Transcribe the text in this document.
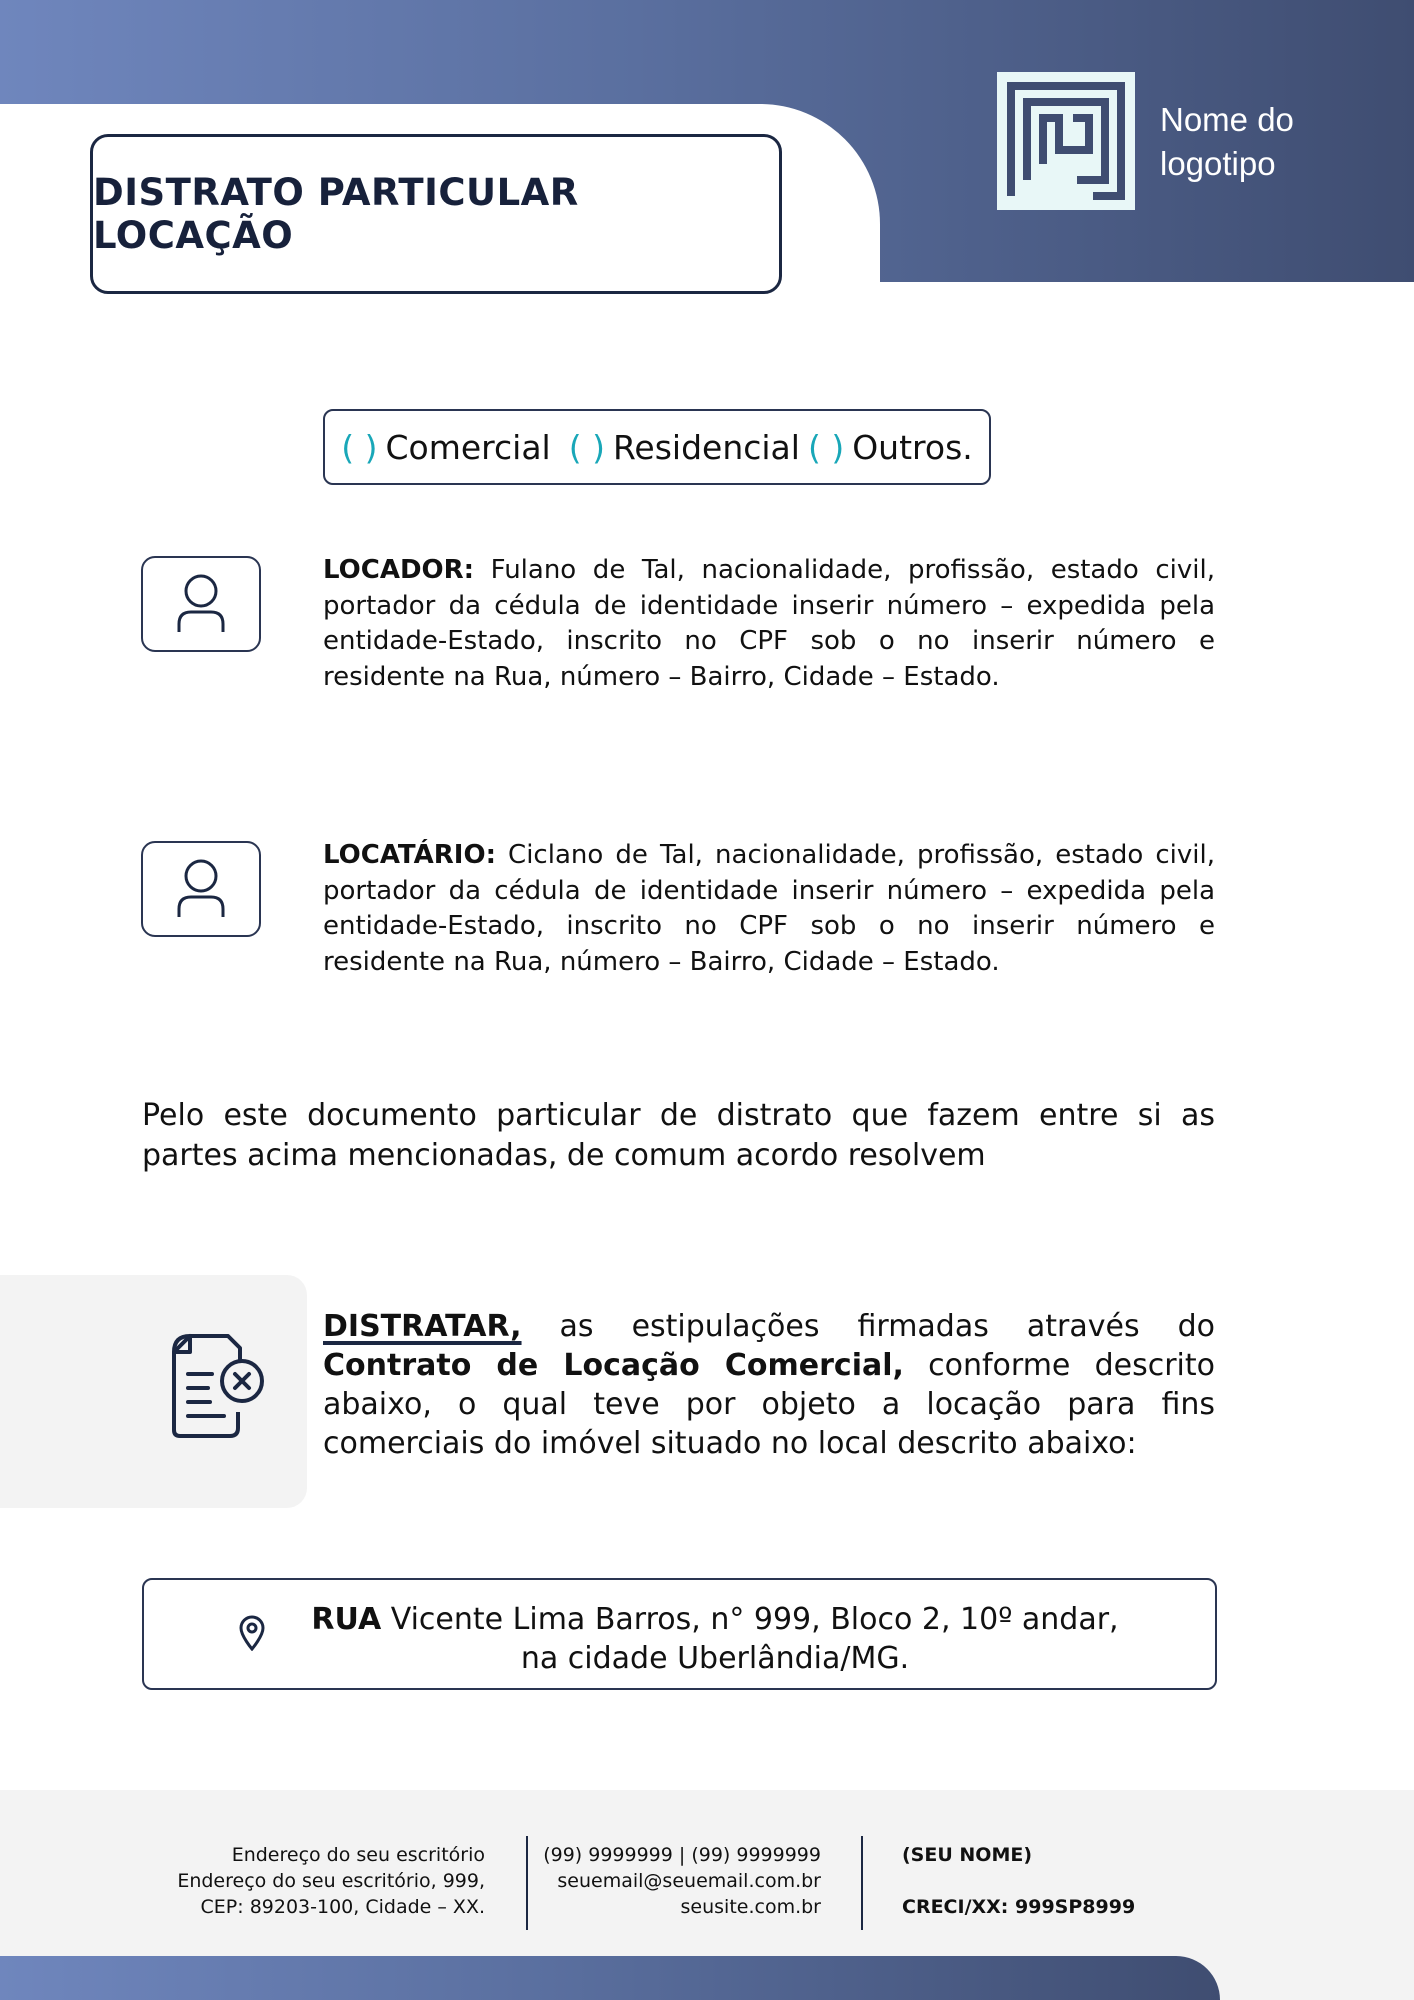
DISTRATO PARTICULAR LOCAÇÃO
Nome do
logotipo
( ) Comercial ( ) Residencial ( ) Outros.
LOCADOR: Fulano de Tal, nacionalidade, profissão, estado civil, portador da cédula de identidade inserir número – expedida pela entidade-Estado, inscrito no CPF sob o no inserir número e residente na Rua, número – Bairro, Cidade – Estado.
LOCATÁRIO: Ciclano de Tal, nacionalidade, profissão, estado civil, portador da cédula de identidade inserir número – expedida pela entidade-Estado, inscrito no CPF sob o no inserir número e residente na Rua, número – Bairro, Cidade – Estado.
Pelo este documento particular de distrato que fazem entre si as partes acima mencionadas, de comum acordo resolvem
DISTRATAR, as estipulações firmadas através do Contrato de Locação Comercial, conforme descrito abaixo, o qual teve por objeto a locação para fins comerciais do imóvel situado no local descrito abaixo:
RUA Vicente Lima Barros, n° 999, Bloco 2, 10º andar, na cidade Uberlândia/MG.
Endereço do seu escritório
Endereço do seu escritório, 999,
CEP: 89203-100, Cidade – XX.
(99) 9999999 | (99) 9999999
seuemail@seuemail.com.br
seusite.com.br
(SEU NOME)
CRECI/XX: 999SP8999
